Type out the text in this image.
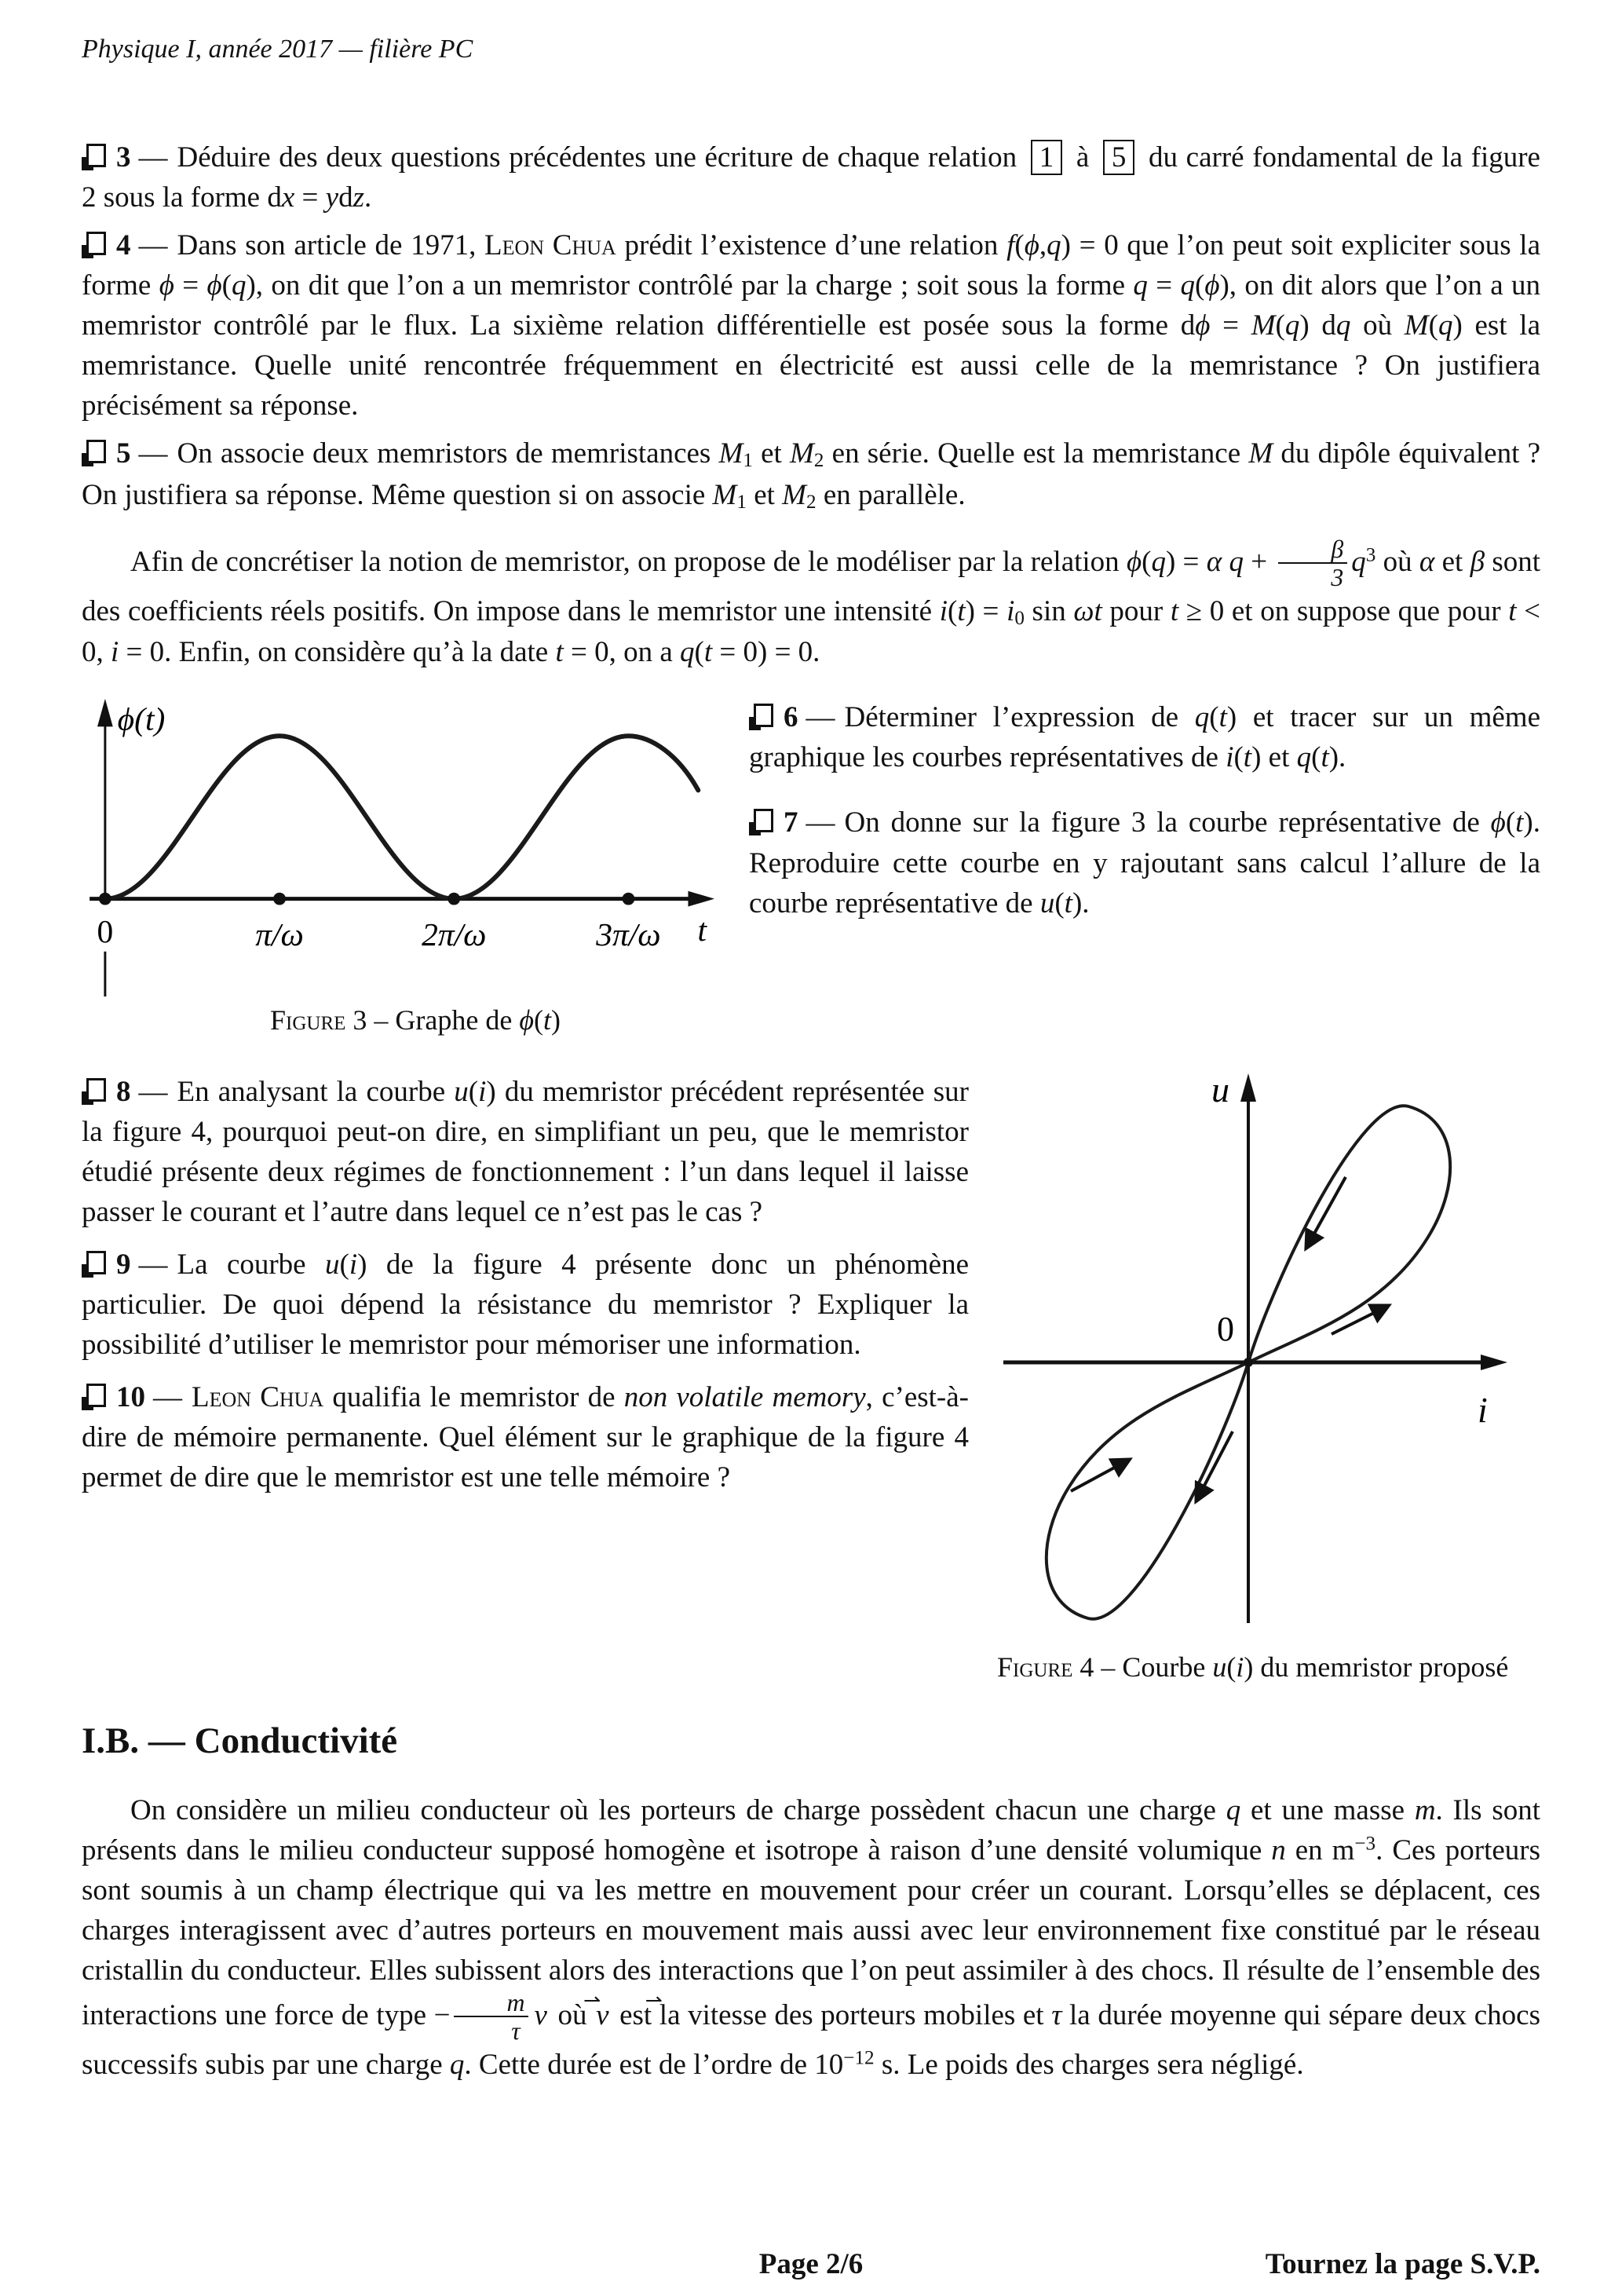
Physique I, année 2017 — filière PC

3 — Déduire des deux questions précédentes une écriture de chaque relation 1 à 5 du carré fondamental de la figure 2 sous la forme dx = ydz.

4 — Dans son article de 1971, Leon Chua prédit l’existence d’une relation f(ϕ,q) = 0 que l’on peut soit expliciter sous la forme ϕ = ϕ(q), on dit que l’on a un memristor contrôlé par la charge ; soit sous la forme q = q(ϕ), on dit alors que l’on a un memristor contrôlé par le flux. La sixième relation différentielle est posée sous la forme dϕ = M(q) dq où M(q) est la memristance. Quelle unité rencontrée fréquemment en électricité est aussi celle de la memristance ? On justifiera précisément sa réponse.

5 — On associe deux memristors de memristances M1 et M2 en série. Quelle est la memristance M du dipôle équivalent ? On justifiera sa réponse. Même question si on associe M1 et M2 en parallèle.

Afin de concrétiser la notion de memristor, on propose de le modéliser par la relation ϕ(q) = α $q + \frac{\beta}{3} q^3$ où α et β sont des coefficients réels positifs. On impose dans le memristor une intensité i(t) = i0 sin ωt pour t ≥ 0 et on suppose que pour t < 0, i = 0. Enfin, on considère qu’à la date t = 0, on a q(t = 0) = 0.

ϕ(t)
0	π/ω	2π/ω	3π/ω t

Figure 3 – Graphe de ϕ(t)

6 — Déterminer l’expression de q(t) et tracer sur un même graphique les courbes représentatives de i(t) et q(t).

7 — On donne sur la figure 3 la courbe représentative de ϕ(t). Reproduire cette courbe en y rajoutant sans calcul l’allure de la courbe représentative de u(t).

8 — En analysant la courbe u(i) du memristor précédent représentée sur la figure 4, pourquoi peut-on dire, en simplifiant un peu, que le memristor étudié présente deux régimes de fonctionnement : l’un dans lequel il laisse passer le courant et l’autre dans lequel ce n’est pas le cas ?

9 — La courbe u(i) de la figure 4 présente donc un phénomène particulier. De quoi dépend la résistance du memristor ? Expliquer la possibilité d’utiliser le memristor pour mémoriser une information.

10 — Leon Chua qualifia le memristor de non volatile memory, c’est-à-dire de mémoire permanente. Quel élément sur le graphique de la figure 4 permet de dire que le memristor est une telle mémoire ?

u
i
0

Figure 4 – Courbe u(i) du memristor proposé

I.B. — Conductivité

On considère un milieu conducteur où les porteurs de charge possèdent chacun une charge q et une masse m. Ils sont présents dans le milieu conducteur supposé homogène et isotrope à raison d’une densité volumique n en $m^{-3}$. Ces porteurs sont soumis à un champ électrique qui va les mettre en mouvement pour créer un courant. Lorsqu’elles se déplacent, ces charges interagissent avec d’autres porteurs en mouvement mais aussi avec leur environnement fixe constitué par le réseau cristallin du conducteur. Elles subissent alors des interactions que l’on peut assimiler à des chocs. Il résulte de l’ensemble des interactions une force de type − $\frac{m}{\tau}$ v ⇀ où v ⇀ est la vitesse des porteurs mobiles et τ la durée moyenne qui sépare deux chocs successifs subis par une charge q. Cette durée est de l’ordre de $10^{-12}$ s. Le poids des charges sera négligé.

Page 2/6	Tournez la page S.V.P.
